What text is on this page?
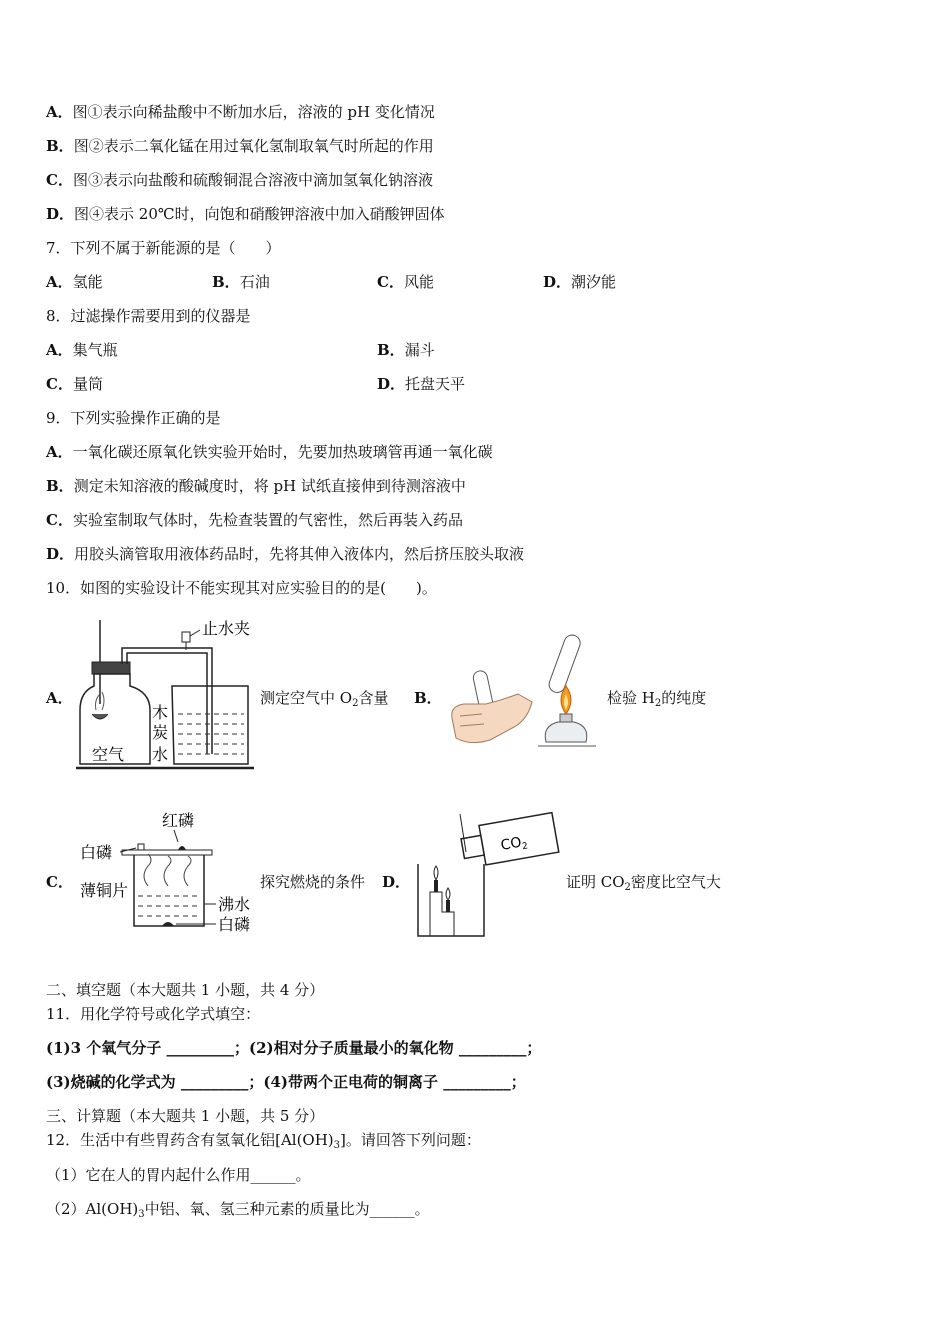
A．图①表示向稀盐酸中不断加水后，溶液的 pH 变化情况
B．图②表示二氧化锰在用过氧化氢制取氧气时所起的作用
C．图③表示向盐酸和硫酸铜混合溶液中滴加氢氧化钠溶液
D．图④表示 20℃时，向饱和硝酸钾溶液中加入硝酸钾固体
7．下列不属于新能源的是（　　）
A．氢能	B．石油	C．风能	D．潮汐能
8．过滤操作需要用到的仪器是
A．集气瓶	B．漏斗
C．量筒	D．托盘天平
9．下列实验操作正确的是
A．一氧化碳还原氧化铁实验开始时，先要加热玻璃管再通一氧化碳
B．测定未知溶液的酸碱度时，将 pH 试纸直接伸到待测溶液中
C．实验室制取气体时，先检查装置的气密性，然后再装入药品
D．用胶头滴管取用液体药品时，先将其伸入液体内，然后挤压胶头取液
10．如图的实验设计不能实现其对应实验目的的是(　　)。
A．
止水夹
木
炭
水
空气
测定空气中 $O_2$含量 B．	检验 $H_2$的纯度
C．
红磷
白磷
薄铜片
沸水
白磷
探究燃烧的条件 D．
$CO_2$
证明 $CO_2$密度比空气大
二、填空题（本大题共 1 小题，共 4 分）
11．用化学符号或化学式填空：
(1)3 个氧气分子 _________；(2)相对分子质量最小的氧化物 _________；
(3)烧碱的化学式为 _________；(4)带两个正电荷的铜离子 _________；
三、计算题（本大题共 1 小题，共 5 分）
12．生活中有些胃药含有氢氧化铝$[Al(OH)_3]$。请回答下列问题：
（1）它在人的胃内起什么作用______。
$(2)Al(OH)_3$中铝、氧、氢三种元素的质量比为______。
